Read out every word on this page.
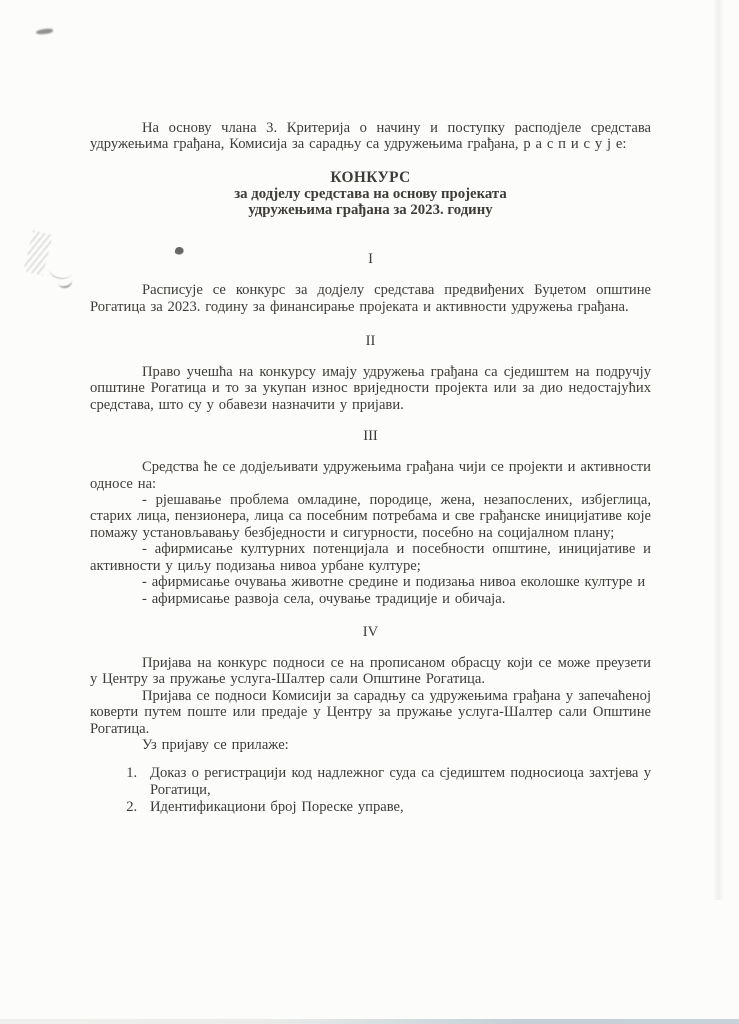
На основу члана 3. Критерија о начину и поступку расподјеле средстава удружењима грађана, Комисија за сарадњу са удружењима грађана, р а с п и с у ј е:

КОНКУРС
за додјелу средстава на основу пројеката
удружењима грађана за 2023. годину
I

Расписује се конкурс за додјелу средстава предвиђених Буџетом општине Рогатица за 2023. годину за финансирање пројеката и активности удружења грађана.

II

Право учешћа на конкурсу имају удружења грађана са сједиштем на подручју општине Рогатица и то за укупан износ вриједности пројекта или за дио недостајућих средстава, што су у обавези назначити у пријави.

III

Средства ће се додјељивати удружењима грађана чији се пројекти и активности односе на:

- рјешавање проблема омладине, породице, жена, незапослених, избјеглица, старих лица, пензионера, лица са посебним потребама и све грађанске иницијативе које помажу установљавању безбједности и сигурности, посебно на социјалном плану;

- афирмисање културних потенцијала и посебности општине, иницијативе и активности у циљу подизања нивоа урбане културе;

- афирмисање очувања животне средине и подизања нивоа еколошке културе и

- афирмисање развоја села, очување традиције и обичаја.

IV

Пријава на конкурс подноси се на прописаном обрасцу који се може преузети у Центру за пружање услуга-Шалтер сали Општине Рогатица.

Пријава се подноси Комисији за сарадњу са удружењима грађана у запечаћеној коверти путем поште или предаје у Центру за пружање услуга-Шалтер сали Општине Рогатица.

Уз пријаву се прилаже:

1. Доказ о регистрацији код надлежног суда са сједиштем подносиоца захтјева у Рогатици,
2. Идентификациони број Пореске управе,
